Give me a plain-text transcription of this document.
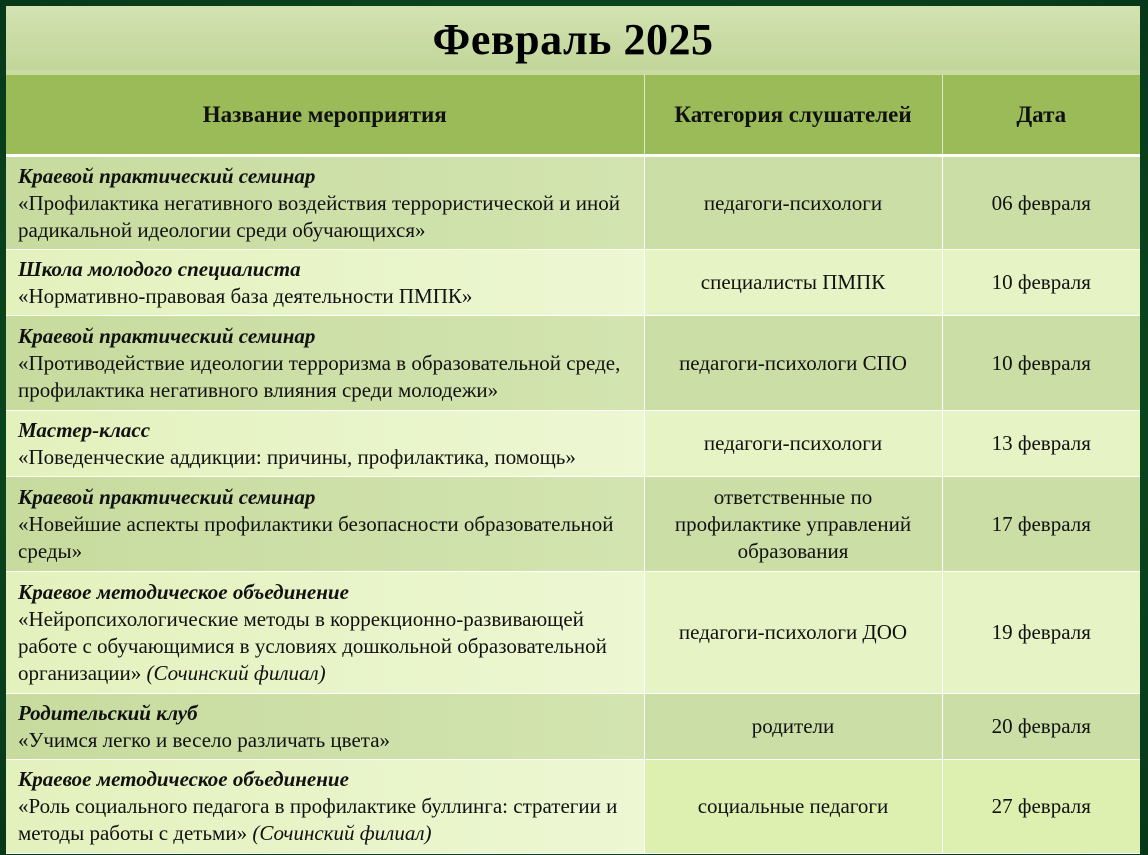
Февраль 2025
Название мероприятия	Категория слушателей	Дата

Краевой практический семинар
«Профилактика негативного воздействия террористической и иной радикальной идеологии среди обучающихся»	педагоги-психологи	06 февраля

Школа молодого специалиста
«Нормативно-правовая база деятельности ПМПК»	специалисты ПМПК	10 февраля

Краевой практический семинар
«Противодействие идеологии терроризма в образовательной среде, профилактика негативного влияния среди молодежи»	педагоги-психологи СПО	10 февраля

Мастер-класс
«Поведенческие аддикции: причины, профилактика, помощь»	педагоги-психологи	13 февраля

Краевой практический семинар
«Новейшие аспекты профилактики безопасности образовательной среды»	ответственные по профилактике управлений образования	17 февраля

Краевое методическое объединение
«Нейропсихологические методы в коррекционно-развивающей работе с обучающимися в условиях дошкольной образовательной организации» (Сочинский филиал)	педагоги-психологи ДОО	19 февраля

Родительский клуб
«Учимся легко и весело различать цвета»	родители	20 февраля

Краевое методическое объединение
«Роль социального педагога в профилактике буллинга: стратегии и методы работы с детьми» (Сочинский филиал)	социальные педагоги	27 февраля
